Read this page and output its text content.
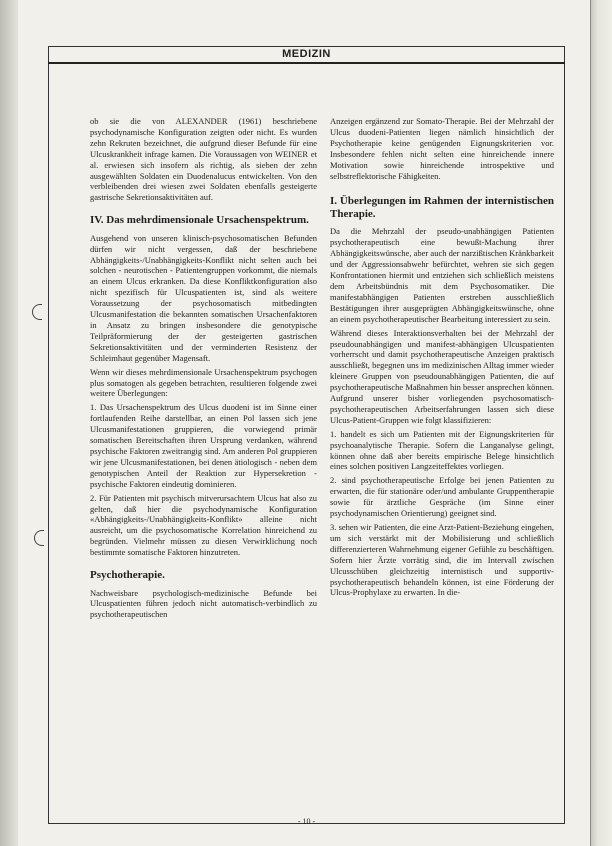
MEDIZIN

ob sie die von ALEXANDER (1961) beschriebene psychodynamische Konfiguration zeigten oder nicht. Es wurden zehn Rekruten bezeichnet, die aufgrund dieser Befunde für eine Ulcuskrankheit infrage kamen. Die Voraussagen von WEINER et al. erwiesen sich insofern als richtig, als sieben der zehn ausgewählten Soldaten ein Duodenalucus entwickelten. Von den verbleibenden drei wiesen zwei Soldaten ebenfalls gesteigerte gastrische Sekretionsaktivitäten auf.

IV. Das mehrdimensionale Ursachenspektrum.

Ausgehend von unseren klinisch-psychosomatischen Befunden dürfen wir nicht vergessen, daß der beschriebene Abhängigkeits-/Unabhängigkeits-Konflikt nicht selten auch bei solchen - neurotischen - Patientengruppen vorkommt, die niemals an einem Ulcus erkranken. Da diese Konfliktkonfiguration also nicht spezifisch für Ulcuspatienten ist, sind als weitere Voraussetzung der psychosomatisch mitbedingten Ulcusmanifestation die bekannten somatischen Ursachenfaktoren in Ansatz zu bringen insbesondere die genotypische Teilpräformierung der der gesteigerten gastrischen Sekretionsaktivitäten und der verminderten Resistenz der Schleimhaut gegenüber Magensaft.

Wenn wir dieses mehrdimensionale Ursachenspektrum psychogen plus somatogen als gegeben betrachten, resultieren folgende zwei weitere Überlegungen:

1. Das Ursachenspektrum des Ulcus duodeni ist im Sinne einer fortlaufenden Reihe darstellbar, an einen Pol lassen sich jene Ulcusmanifestationen gruppieren, die vorwiegend primär somatischen Bereitschaften ihren Ursprung verdanken, während psychische Faktoren zweitrangig sind. Am anderen Pol gruppieren wir jene Ulcusmanifestationen, bei denen ätiologisch - neben dem genotypischen Anteil der Reaktion zur Hypersekretion - psychische Faktoren eindeutig dominieren.

2. Für Patienten mit psychisch mitverursachtem Ulcus hat also zu gelten, daß hier die psychodynamische Konfiguration «Abhängigkeits-/Unabhängigkeits-Konflikt» alleine nicht ausreicht, um die psychosomatische Korrelation hinreichend zu begründen. Vielmehr müssen zu diesen Verwirklichung noch bestimmte somatische Faktoren hinzutreten.

Psychotherapie.

Nachweisbare psychologisch-medizinische Befunde bei Ulcuspatienten führen jedoch nicht automatisch-verbindlich zu psychotherapeutischen

Anzeigen ergänzend zur Somato-Therapie. Bei der Mehrzahl der Ulcus duodeni-Patienten liegen nämlich hinsichtlich der Psychotherapie keine genügenden Eignungskriterien vor. Insbesondere fehlen nicht selten eine hinreichende innere Motivation sowie hinreichende introspektive und selbstreflektorische Fähigkeiten.

I. Überlegungen im Rahmen der internistischen Therapie.

Da die Mehrzahl der pseudo-unabhängigen Patienten psychotherapeutisch eine bewußt-Machung ihrer Abhängigkeitswünsche, aber auch der narzißtischen Kränkbarkeit und der Aggressionsabwehr befürchtet, wehren sie sich gegen Konfrontationen hiermit und entziehen sich schließlich meistens dem Arbeitsbündnis mit dem Psychosomatiker. Die manifestabhängigen Patienten erstreben ausschließlich Bestätigungen ihrer ausgeprägten Abhängigkeitswünsche, ohne an einem psychotherapeutischer Bearbeitung interessiert zu sein.

Während dieses Interaktionsverhalten bei der Mehrzahl der pseudounabhängigen und manifest-abhängigen Ulcuspatienten vorherrscht und damit psychotherapeutische Anzeigen praktisch ausschließt, begegnen uns im medizinischen Alltag immer wieder kleinere Gruppen von pseudounabhängigen Patienten, die auf psychotherapeutische Maßnahmen hin besser ansprechen können. Aufgrund unserer bisher vorliegenden psychosomatisch-psychotherapeutischen Arbeitserfahrungen lassen sich diese Ulcus-Patient-Gruppen wie folgt klassifizieren:

1. handelt es sich um Patienten mit der Eignungskriterien für psychoanalytische Therapie. Sofern die Langanalyse gelingt, können ohne daß aber bereits empirische Belege hinsichtlich eines solchen positiven Langzeiteffektes vorliegen.

2. sind psychotherapeutische Erfolge bei jenen Patienten zu erwarten, die für stationäre oder/und ambulante Gruppentherapie sowie für ärztliche Gespräche (im Sinne einer psychodynamischen Orientierung) geeignet sind.

3. sehen wir Patienten, die eine Arzt-Patient-Beziehung eingehen, um sich verstärkt mit der Mobilisierung und schließlich differenzierteren Wahrnehmung eigener Gefühle zu beschäftigen. Sofern hier Ärzte vorrätig sind, die im Intervall zwischen Ulcusschüben gleichzeitig internistisch und supportiv-psychotherapeutisch behandeln können, ist eine Förderung der Ulcus-Prophylaxe zu erwarten. In die-

- 10 -
